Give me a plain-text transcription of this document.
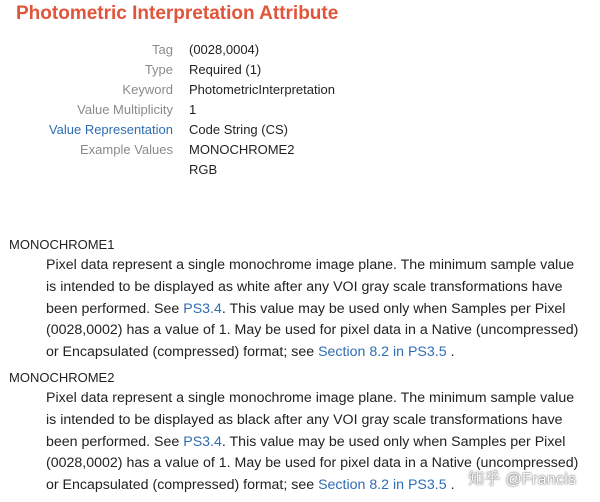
Photometric Interpretation Attribute
Tag (0028,0004)
Type Required (1)
Keyword PhotometricInterpretation
Value Multiplicity 1
Value Representation Code String (CS)
Example Values MONOCHROME2
RGB
MONOCHROME1
Pixel data represent a single monochrome image plane. The minimum sample value
is intended to be displayed as white after any VOI gray scale transformations have
been performed. See PS3.4. This value may be used only when Samples per Pixel
(0028,0002) has a value of 1. May be used for pixel data in a Native (uncompressed)
or Encapsulated (compressed) format; see Section 8.2 in PS3.5 .
MONOCHROME2
Pixel data represent a single monochrome image plane. The minimum sample value
is intended to be displayed as black after any VOI gray scale transformations have
been performed. See PS3.4. This value may be used only when Samples per Pixel
(0028,0002) has a value of 1. May be used for pixel data in a Native (uncompressed)
or Encapsulated (compressed) format; see Section 8.2 in PS3.5 . 知乎 @Francis
